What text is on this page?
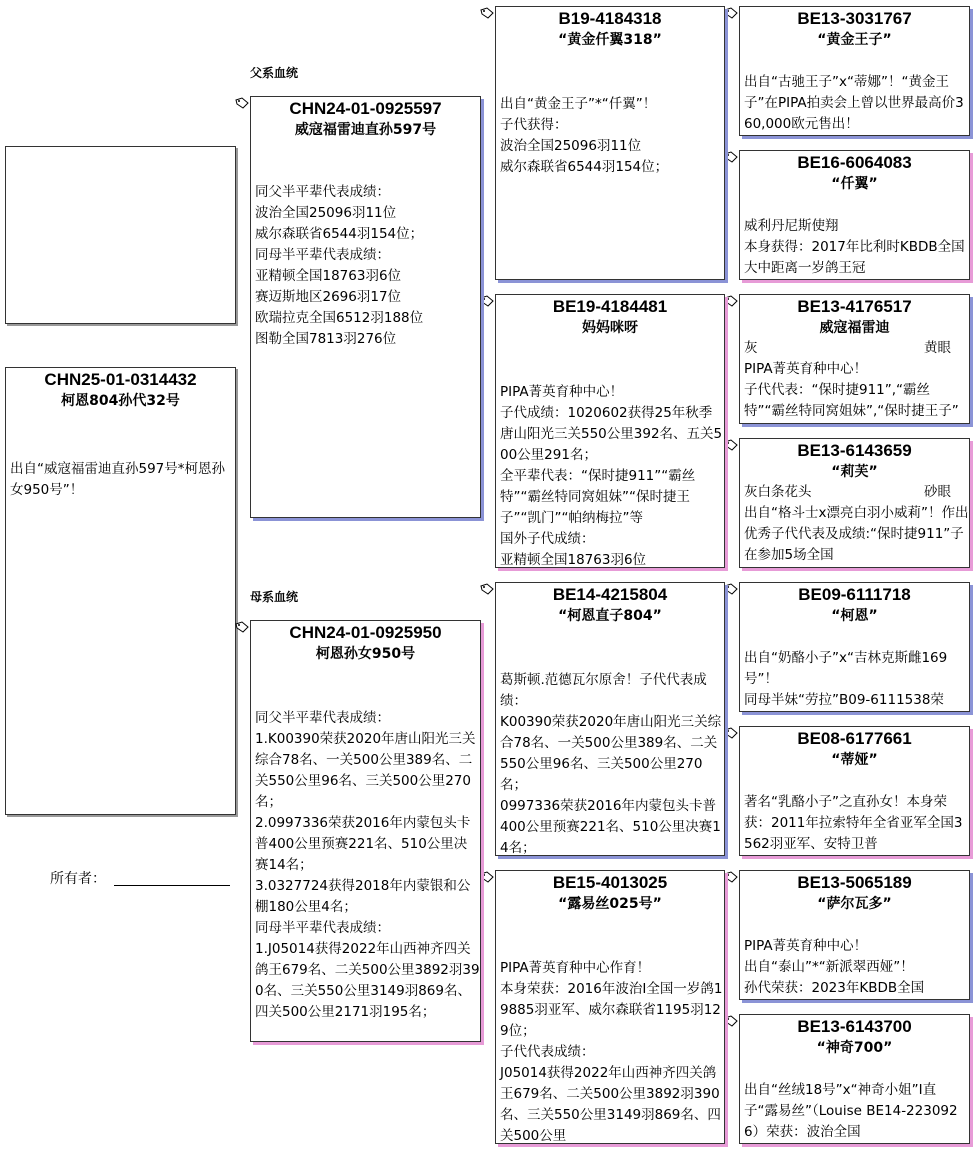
CHN25-01-0314432
柯恩804孙代32号
出自“威寇福雷迪直孙597号*柯恩孙女950号”！
所有者：
父系血统
母系血统
CHN24-01-0925597
威寇福雷迪直孙597号
同父半平辈代表成绩：
波治全国25096羽11位
威尔森联省6544羽154位；
同母半平辈代表成绩：
亚精顿全国18763羽6位
赛迈斯地区2696羽17位
欧瑞拉克全国6512羽188位
图勒全国7813羽276位
CHN24-01-0925950
柯恩孙女950号
同父半平辈代表成绩：
1.K00390荣获2020年唐山阳光三关综合78名、一关500公里389名、二关550公里96名、三关500公里270名；
2.0997336荣获2016年内蒙包头卡普400公里预赛221名、510公里决赛14名；
3.0327724获得2018年内蒙银和公棚180公里4名；
同母半平辈代表成绩：
1.J05014获得2022年山西神齐四关鸽王679名、二关500公里3892羽390名、三关550公里3149羽869名、四关500公里2171羽195名；
B19-4184318
“黄金仟翼318”
出自“黄金王子”*“仟翼”！
子代获得：
波治全国25096羽11位
威尔森联省6544羽154位；
BE19-4184481
妈妈咪呀
PIPA菁英育种中心！
子代成绩：1020602获得25年秋季唐山阳光三关550公里392名、五关500公里291名；
全平辈代表：“保时捷911”“霸丝特”“霸丝特同窝姐妹”“保时捷王子”“凯门”“帕纳梅拉”等
国外子代成绩：
亚精顿全国18763羽6位
BE14-4215804
“柯恩直子804”
葛斯顿.范德瓦尔原舍！子代代表成绩：
K00390荣获2020年唐山阳光三关综合78名、一关500公里389名、二关550公里96名、三关500公里270名；
0997336荣获2016年内蒙包头卡普400公里预赛221名、510公里决赛14名；
BE15-4013025
“露易丝025号”
PIPA菁英育种中心作育！
本身荣获：2016年波治I全国一岁鸽19885羽亚军、威尔森联省1195羽129位；
子代代表成绩：
J05014获得2022年山西神齐四关鸽王679名、二关500公里3892羽390名、三关550公里3149羽869名、四关500公里
BE13-3031767
“黄金王子”
出自“古驰王子”x“蒂娜”！“黄金王子”在PIPA拍卖会上曾以世界最高价360,000欧元售出！
BE16-6064083
“仟翼”
威利丹尼斯使翔
本身获得：2017年比利时KBDB全国大中距离一岁鸽王冠
BE13-4176517
威寇福雷迪
灰	黄眼
PIPA菁英育种中心！
子代代表：“保时捷911”,“霸丝特”“霸丝特同窝姐妹”,“保时捷王子”
BE13-6143659
“莉芙”
灰白条花头	砂眼
出自“格斗士x漂亮白羽小威莉”！作出优秀子代代表及成绩:“保时捷911”子在参加5场全国
BE09-6111718
“柯恩”
出自“奶酪小子”x“吉林克斯雌169号”！
同母半妹“劳拉”B09-6111538荣
BE08-6177661
“蒂娅”
著名“乳酪小子”之直孙女！本身荣获：2011年拉索特年全省亚军全国3562羽亚军、安特卫普
BE13-5065189
“萨尔瓦多”
PIPA菁英育种中心！
出自“泰山”*“新派翠西娅”！
孙代荣获：2023年KBDB全国
BE13-6143700
“神奇700”
出自“丝绒18号”x“神奇小姐”I直子“露易丝”（Louise BE14-2230926）荣获：波治全国
